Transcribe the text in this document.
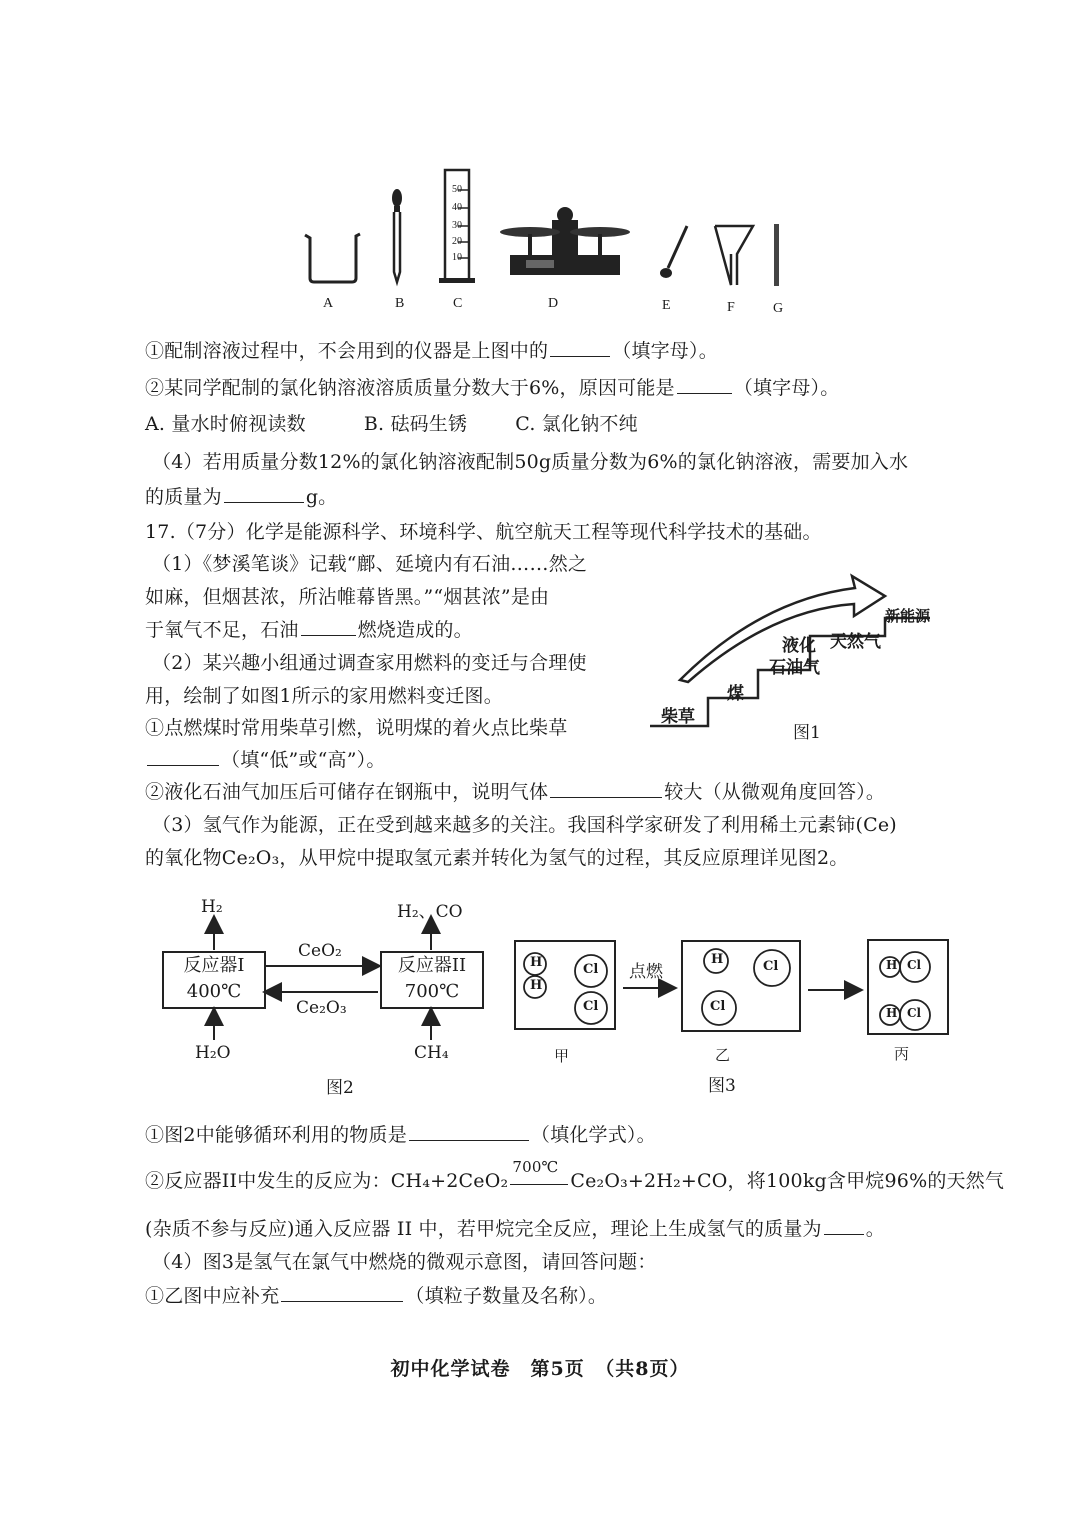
50
40
30
20
10
A	B	C	D	E	F	G
①配制溶液过程中，不会用到的仪器是上图中的	（填字母）。
②某同学配制的氯化钠溶液溶质质量分数大于6%，原因可能是	（填字母）。
A. 量水时俯视读数	B. 砝码生锈	C. 氯化钠不纯
（4）若用质量分数12%的氯化钠溶液配制50g质量分数为6%的氯化钠溶液，需要加入水
的质量为	g。
17.（7分）化学是能源科学、环境科学、航空航天工程等现代科学技术的基础。
（1）《梦溪笔谈》记载“鄜、延境内有石油……然之
如麻，但烟甚浓，所沾帷幕皆黑。”“烟甚浓”是由
于氧气不足，石油	燃烧造成的。
（2）某兴趣小组通过调查家用燃料的变迁与合理使
用，绘制了如图1所示的家用燃料变迁图。
①点燃煤时常用柴草引燃，说明煤的着火点比柴草
（填“低”或“高”）。
柴草
煤
液化
石油气
天然气
新能源
图1
②液化石油气加压后可储存在钢瓶中，说明气体	较大（从微观角度回答）。
（3）氢气作为能源，正在受到越来越多的关注。我国科学家研发了利用稀土元素铈(Ce)
的氧化物Ce₂O₃，从甲烷中提取氢元素并转化为氢气的过程，其反应原理详见图2。
反应器I
400℃
反应器II
700℃
H₂	H₂、CO
H₂O	CH₄
CeO₂
Ce₂O₃
图2
H
H
Cl
Cl
H	Cl
Cl
H Cl
H Cl
点燃
甲	乙	丙
图3
①图2中能够循环利用的物质是	（填化学式）。
②反应器II中发生的反应为：CH₄+2CeO₂
700℃
Ce₂O₃+2H₂+CO，将100kg含甲烷96%的天然气
(杂质不参与反应)通入反应器 II 中，若甲烷完全反应，理论上生成氢气的质量为 。
（4）图3是氢气在氯气中燃烧的微观示意图，请回答问题：
①乙图中应补充	（填粒子数量及名称）。
初中化学试卷　第5页　（共8页）
